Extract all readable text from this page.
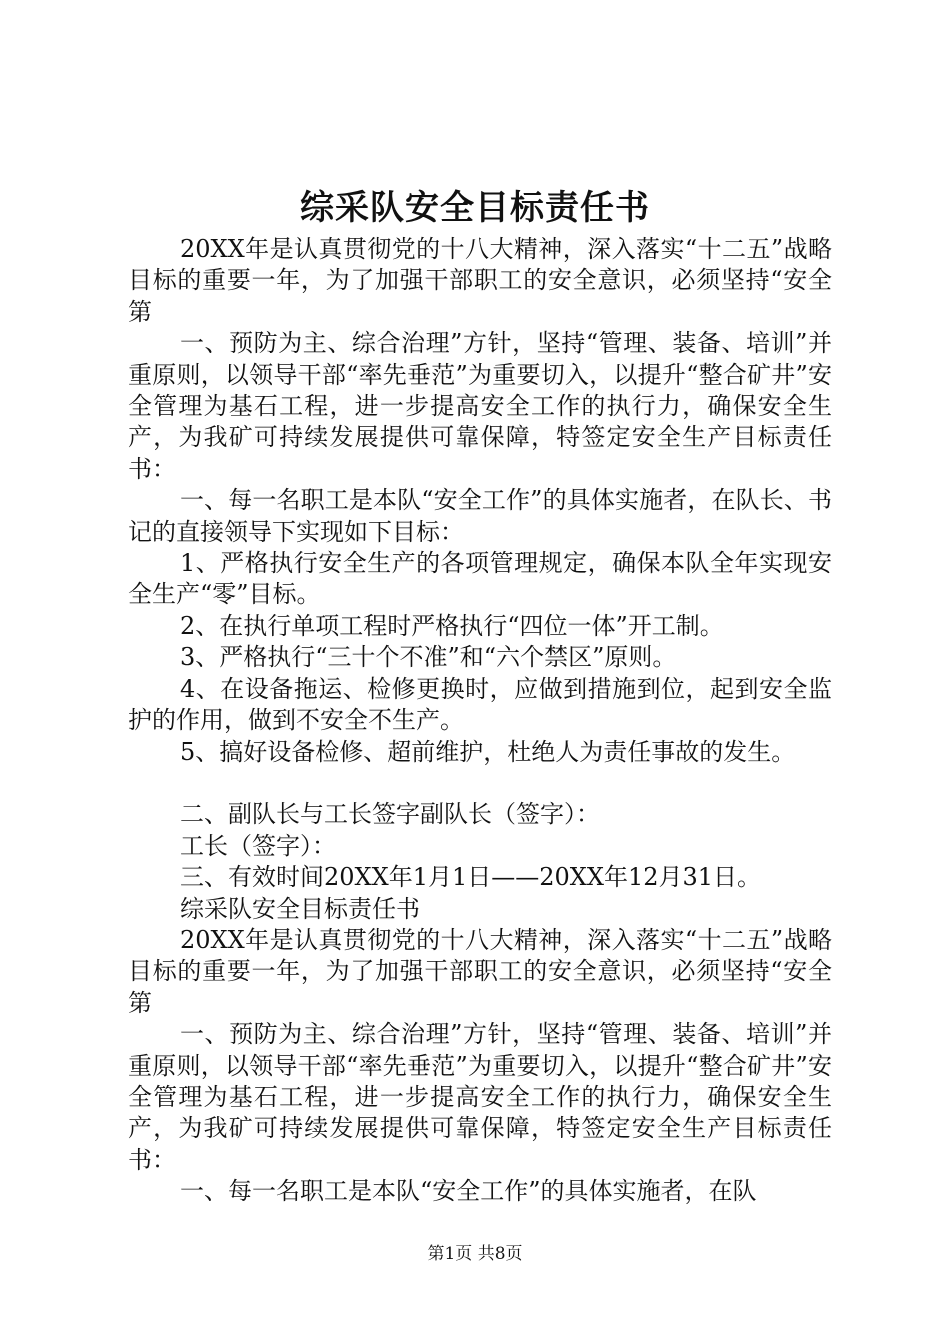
综采队安全目标责任书

20XX年是认真贯彻党的十八大精神，深入落实“十二五”战略目标的重要一年，为了加强干部职工的安全意识，必须坚持“安全第

一、预防为主、综合治理”方针，坚持“管理、装备、培训”并重原则，以领导干部“率先垂范”为重要切入，以提升“整合矿井”安全管理为基石工程，进一步提高安全工作的执行力，确保安全生产，为我矿可持续发展提供可靠保障，特签定安全生产目标责任书：

一、每一名职工是本队“安全工作”的具体实施者，在队长、书记的直接领导下实现如下目标：

1、严格执行安全生产的各项管理规定，确保本队全年实现安全生产“零”目标。

2、在执行单项工程时严格执行“四位一体”开工制。

3、严格执行“三十个不准”和“六个禁区”原则。

4、在设备拖运、检修更换时，应做到措施到位，起到安全监护的作用，做到不安全不生产。

5、搞好设备检修、超前维护，杜绝人为责任事故的发生。

二、副队长与工长签字副队长（签字）：

工长（签字）：

三、有效时间20XX年1月1日——20XX年12月31日。

综采队安全目标责任书

20XX年是认真贯彻党的十八大精神，深入落实“十二五”战略目标的重要一年，为了加强干部职工的安全意识，必须坚持“安全第

一、预防为主、综合治理”方针，坚持“管理、装备、培训”并重原则，以领导干部“率先垂范”为重要切入，以提升“整合矿井”安全管理为基石工程，进一步提高安全工作的执行力，确保安全生产，为我矿可持续发展提供可靠保障，特签定安全生产目标责任书：

一、每一名职工是本队“安全工作”的具体实施者，在队

第1页 共8页
